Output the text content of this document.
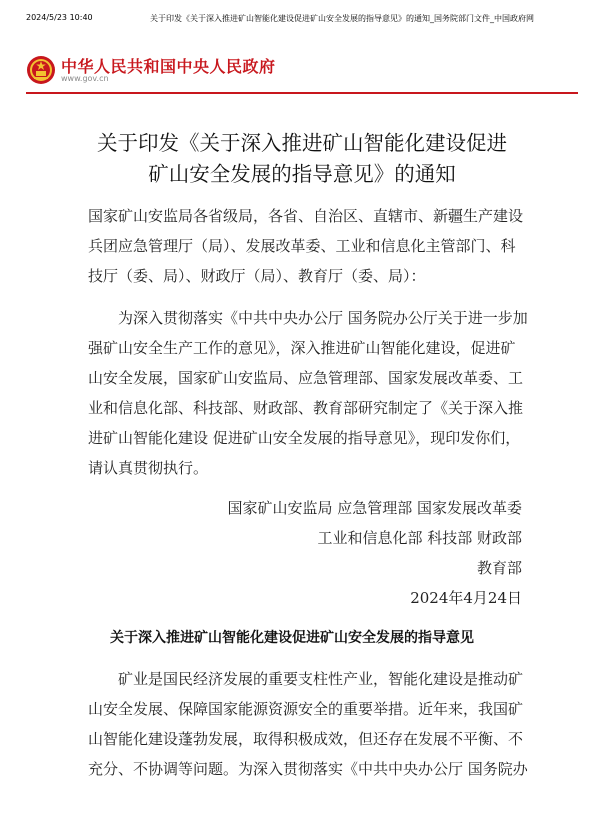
2024/5/23 10:40	关于印发《关于深入推进矿山智能化建设促进矿山安全发展的指导意见》的通知_国务院部门文件_中国政府网
中华人民共和国中央人民政府
www.gov.cn
关于印发《关于深入推进矿山智能化建设促进
矿山安全发展的指导意见》的通知
国家矿山安监局各省级局，各省、自治区、直辖市、新疆生产建设
兵团应急管理厅（局）、发展改革委、工业和信息化主管部门、科
技厅（委、局）、财政厅（局）、教育厅（委、局）：
　　为深入贯彻落实《中共中央办公厅 国务院办公厅关于进一步加
强矿山安全生产工作的意见》，深入推进矿山智能化建设，促进矿
山安全发展，国家矿山安监局、应急管理部、国家发展改革委、工
业和信息化部、科技部、财政部、教育部研究制定了《关于深入推
进矿山智能化建设 促进矿山安全发展的指导意见》，现印发你们，
请认真贯彻执行。
国家矿山安监局 应急管理部 国家发展改革委
工业和信息化部 科技部 财政部
教育部
2024年4月24日
关于深入推进矿山智能化建设促进矿山安全发展的指导意见
　　矿业是国民经济发展的重要支柱性产业，智能化建设是推动矿
山安全发展、保障国家能源资源安全的重要举措。近年来，我国矿
山智能化建设蓬勃发展，取得积极成效，但还存在发展不平衡、不
充分、不协调等问题。为深入贯彻落实《中共中央办公厅 国务院办
